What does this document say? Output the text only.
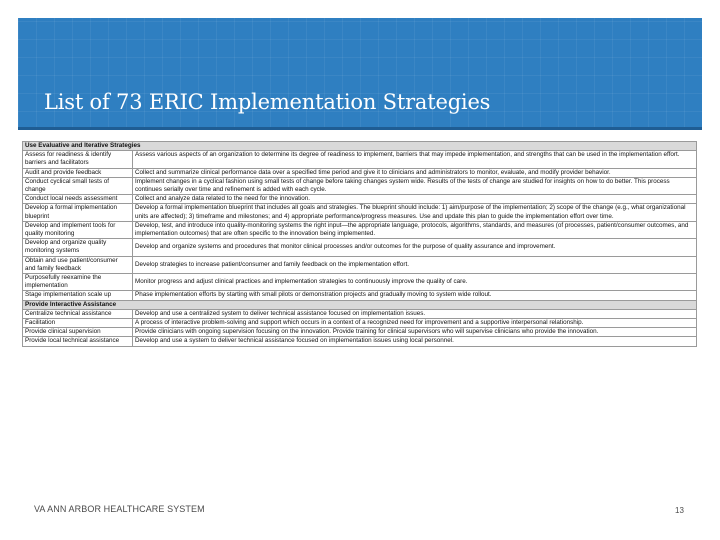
List of 73 ERIC Implementation Strategies
Use Evaluative and Iterative Strategies	
Assess for readiness & identify barriers and facilitators	Assess various aspects of an organization to determine its degree of readiness to implement, barriers that may impede implementation, and strengths that can be used in the implementation effort.
Audit and provide feedback	Collect and summarize clinical performance data over a specified time period and give it to clinicians and administrators to monitor, evaluate, and modify provider behavior.
Conduct cyclical small tests of change	Implement changes in a cyclical fashion using small tests of change before taking changes system wide. Results of the tests of change are studied for insights on how to do better. This process continues serially over time and refinement is added with each cycle.
Conduct local needs assessment	Collect and analyze data related to the need for the innovation.
Develop a formal implementation blueprint	Develop a formal implementation blueprint that includes all goals and strategies. The blueprint should include: 1) aim/purpose of the implementation; 2) scope of the change (e.g., what organizational units are affected); 3) timeframe and milestones; and 4) appropriate performance/progress measures. Use and update this plan to guide the implementation effort over time.
Develop and implement tools for quality monitoring	Develop, test, and introduce into quality-monitoring systems the right input—the appropriate language, protocols, algorithms, standards, and measures (of processes, patient/consumer outcomes, and implementation outcomes) that are often specific to the innovation being implemented.
Develop and organize quality monitoring systems	Develop and organize systems and procedures that monitor clinical processes and/or outcomes for the purpose of quality assurance and improvement.
Obtain and use patient/consumer and family feedback	Develop strategies to increase patient/consumer and family feedback on the implementation effort.
Purposefully reexamine the implementation	Monitor progress and adjust clinical practices and implementation strategies to continuously improve the quality of care.
Stage implementation scale up	Phase implementation efforts by starting with small pilots or demonstration projects and gradually moving to system wide rollout.
Provide Interactive Assistance	
Centralize technical assistance	Develop and use a centralized system to deliver technical assistance focused on implementation issues.
Facilitation	A process of interactive problem-solving and support which occurs in a context of a recognized need for improvement and a supportive interpersonal relationship.
Provide clinical supervision	Provide clinicians with ongoing supervision focusing on the innovation. Provide training for clinical supervisors who will supervise clinicians who provide the innovation.
Provide local technical assistance	Develop and use a system to deliver technical assistance focused on implementation issues using local personnel.
VA ANN ARBOR HEALTHCARE SYSTEM	13
